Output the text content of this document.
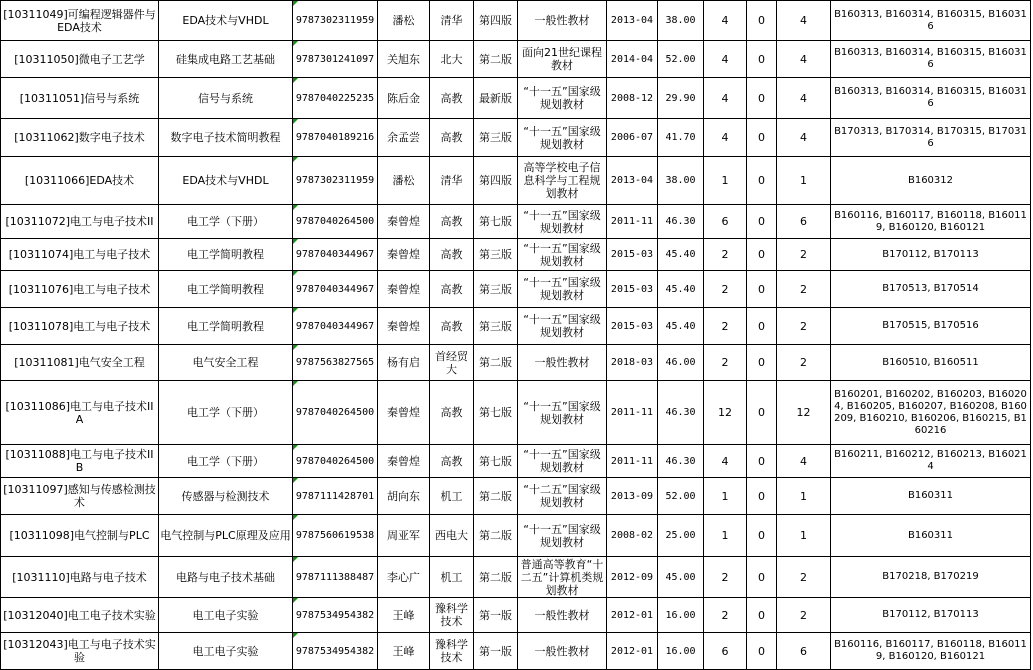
[10311049]可编程逻辑器件与EDA技术	EDA技术与VHDL	9787302311959	潘松	清华	第四版	一般性教材	2013-04	38.00	4	0	4	B160313, B160314, B160315, B160316
[10311050]微电子工艺学	硅集成电路工艺基础	9787301241097	关旭东	北大	第二版	面向21世纪课程教材	2014-04	52.00	4	0	4	B160313, B160314, B160315, B160316
[10311051]信号与系统	信号与系统	9787040225235	陈后金	高教	最新版	“十一五”国家级规划教材	2008-12	29.90	4	0	4	B160313, B160314, B160315, B160316
[10311062]数字电子技术	数字电子技术简明教程	9787040189216	余孟尝	高教	第三版	“十一五”国家级规划教材	2006-07	41.70	4	0	4	B170313, B170314, B170315, B170316
[10311066]EDA技术	EDA技术与VHDL	9787302311959	潘松	清华	第四版	高等学校电子信息科学与工程规划教材	2013-04	38.00	1	0	1	B160312
[10311072]电工与电子技术II	电工学（下册）	9787040264500	秦曾煌	高教	第七版	“十一五”国家级规划教材	2011-11	46.30	6	0	6	B160116, B160117, B160118, B160119, B160120, B160121
[10311074]电工与电子技术	电工学简明教程	9787040344967	秦曾煌	高教	第三版	“十一五”国家级规划教材	2015-03	45.40	2	0	2	B170112, B170113
[10311076]电工与电子技术	电工学简明教程	9787040344967	秦曾煌	高教	第三版	“十一五”国家级规划教材	2015-03	45.40	2	0	2	B170513, B170514
[10311078]电工与电子技术	电工学简明教程	9787040344967	秦曾煌	高教	第三版	“十一五”国家级规划教材	2015-03	45.40	2	0	2	B170515, B170516
[10311081]电气安全工程	电气安全工程	9787563827565	杨有启	首经贸大	第二版	一般性教材	2018-03	46.00	2	0	2	B160510, B160511
[10311086]电工与电子技术II A	电工学（下册）	9787040264500	秦曾煌	高教	第七版	“十一五”国家级规划教材	2011-11	46.30	12	0	12	B160201, B160202, B160203, B160204, B160205, B160207, B160208, B160209, B160210, B160206, B160215, B160216
[10311088]电工与电子技术IIB	电工学（下册）	9787040264500	秦曾煌	高教	第七版	“十一五”国家级规划教材	2011-11	46.30	4	0	4	B160211, B160212, B160213, B160214
[10311097]感知与传感检测技术	传感器与检测技术	9787111428701	胡向东	机工	第二版	“十二五”国家级规划教材	2013-09	52.00	1	0	1	B160311
[10311098]电气控制与PLC	电气控制与PLC原理及应用	9787560619538	周亚军	西电大	第二版	“十一五”国家级规划教材	2008-02	25.00	1	0	1	B160311
[1031110]电路与电子技术	电路与电子技术基础	9787111388487	李心广	机工	第二版	普通高等教育“十二五”计算机类规划教材	2012-09	45.00	2	0	2	B170218, B170219
[10312040]电工电子技术实验	电工电子实验	9787534954382	王峰	豫科学技术	第一版	一般性教材	2012-01	16.00	2	0	2	B170112, B170113
[10312043]电工与电子技术实验	电工电子实验	9787534954382	王峰	豫科学技术	第一版	一般性教材	2012-01	16.00	6	0	6	B160116, B160117, B160118, B160119, B160120, B160121
